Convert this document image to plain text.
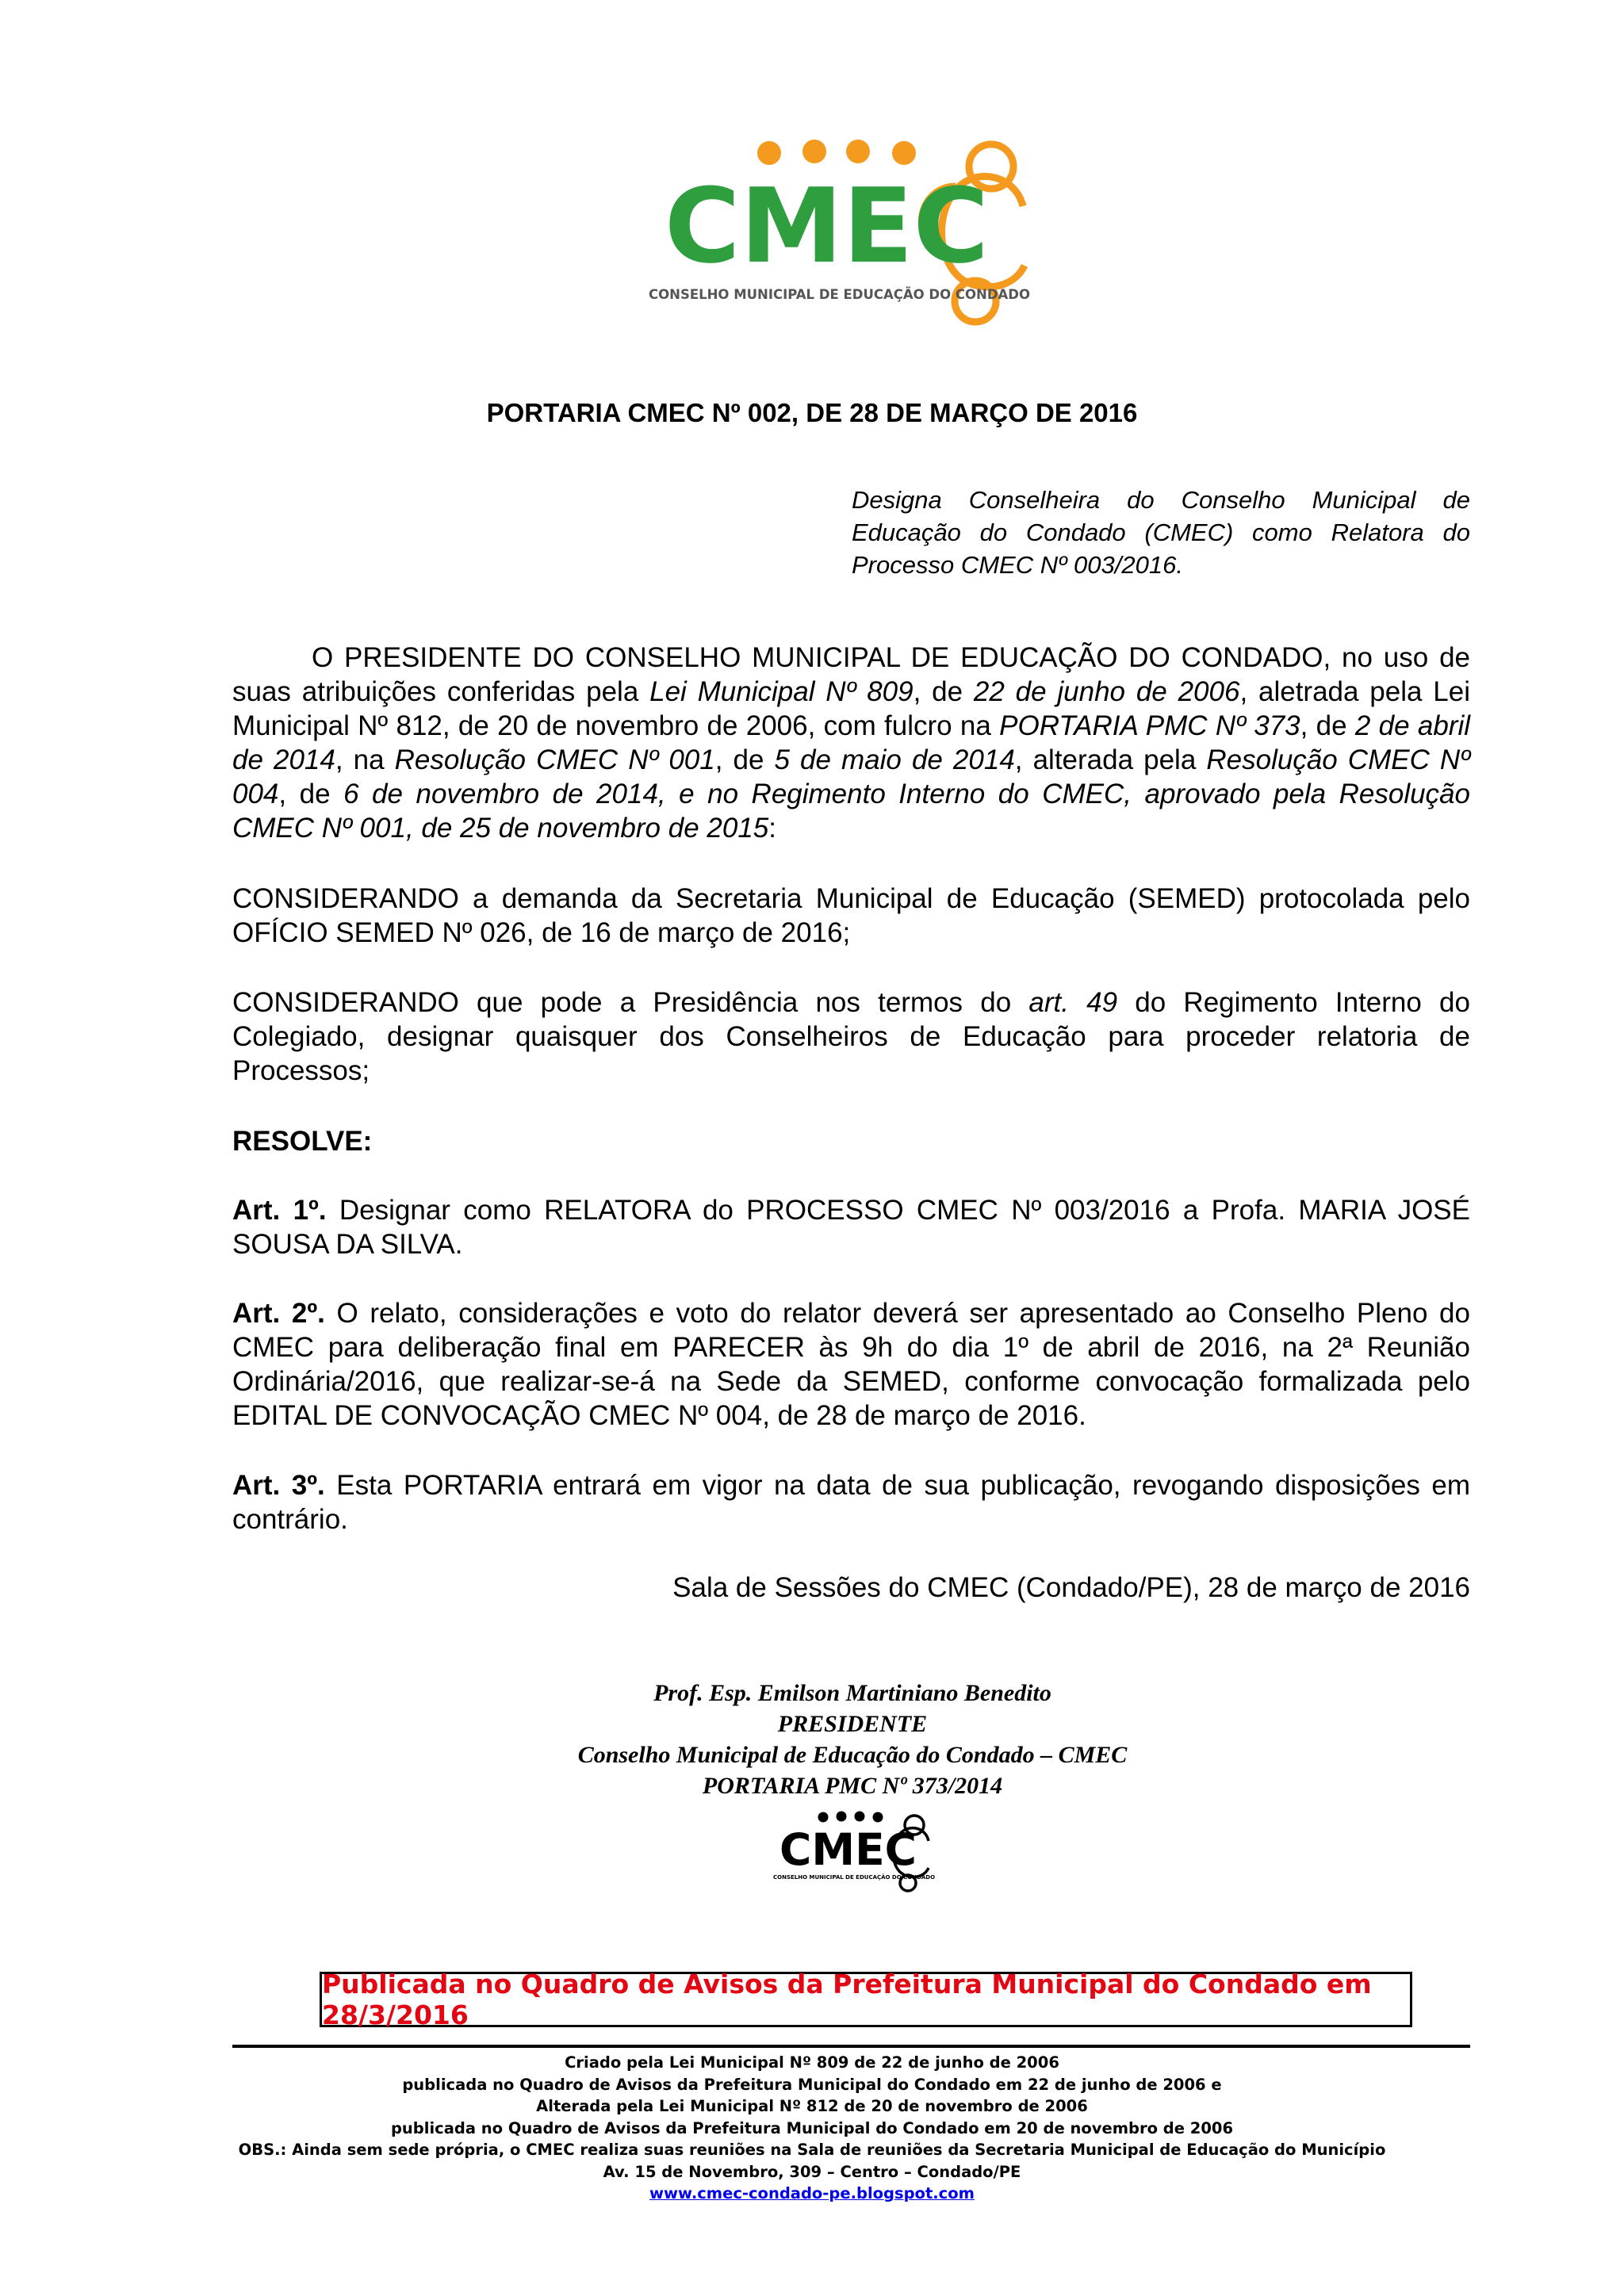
CMEC
CONSELHO MUNICIPAL DE EDUCAÇÃO DO CONDADO
PORTARIA CMEC Nº 002, DE 28 DE MARÇO DE 2016

Designa Conselheira do Conselho Municipal de Educação do Condado (CMEC) como Relatora do Processo CMEC Nº 003/2016.

O PRESIDENTE DO CONSELHO MUNICIPAL DE EDUCAÇÃO DO CONDADO, no uso de suas atribuições conferidas pela Lei Municipal Nº 809, de 22 de junho de 2006, aletrada pela Lei Municipal Nº 812, de 20 de novembro de 2006, com fulcro na PORTARIA PMC Nº 373, de 2 de abril de 2014, na Resolução CMEC Nº 001, de 5 de maio de 2014, alterada pela Resolução CMEC Nº 004, de 6 de novembro de 2014, e no Regimento Interno do CMEC, aprovado pela Resolução CMEC Nº 001, de 25 de novembro de 2015:

CONSIDERANDO a demanda da Secretaria Municipal de Educação (SEMED) protocolada pelo OFÍCIO SEMED Nº 026, de 16 de março de 2016;

CONSIDERANDO que pode a Presidência nos termos do art. 49 do Regimento Interno do Colegiado, designar quaisquer dos Conselheiros de Educação para proceder relatoria de Processos;

RESOLVE:

Art. 1º. Designar como RELATORA do PROCESSO CMEC Nº 003/2016 a Profa. MARIA JOSÉ SOUSA DA SILVA.

Art. 2º. O relato, considerações e voto do relator deverá ser apresentado ao Conselho Pleno do CMEC para deliberação final em PARECER às 9h do dia 1º de abril de 2016, na 2ª Reunião Ordinária/2016, que realizar-se-á na Sede da SEMED, conforme convocação formalizada pelo EDITAL DE CONVOCAÇÃO CMEC Nº 004, de 28 de março de 2016.

Art. 3º. Esta PORTARIA entrará em vigor na data de sua publicação, revogando disposições em contrário.

Sala de Sessões do CMEC (Condado/PE), 28 de março de 2016

Prof. Esp. Emilson Martiniano Benedito
PRESIDENTE
Conselho Municipal de Educação do Condado – CMEC
PORTARIA PMC Nº 373/2014
CMEC
CONSELHO MUNICIPAL DE EDUCAÇÃO DO CONDADO
Publicada no Quadro de Avisos da Prefeitura Municipal do Condado em 28/3/2016
Criado pela Lei Municipal Nº 809 de 22 de junho de 2006
publicada no Quadro de Avisos da Prefeitura Municipal do Condado em 22 de junho de 2006 e
Alterada pela Lei Municipal Nº 812 de 20 de novembro de 2006
publicada no Quadro de Avisos da Prefeitura Municipal do Condado em 20 de novembro de 2006
OBS.: Ainda sem sede própria, o CMEC realiza suas reuniões na Sala de reuniões da Secretaria Municipal de Educação do Município
Av. 15 de Novembro, 309 – Centro – Condado/PE
www.cmec-condado-pe.blogspot.com
